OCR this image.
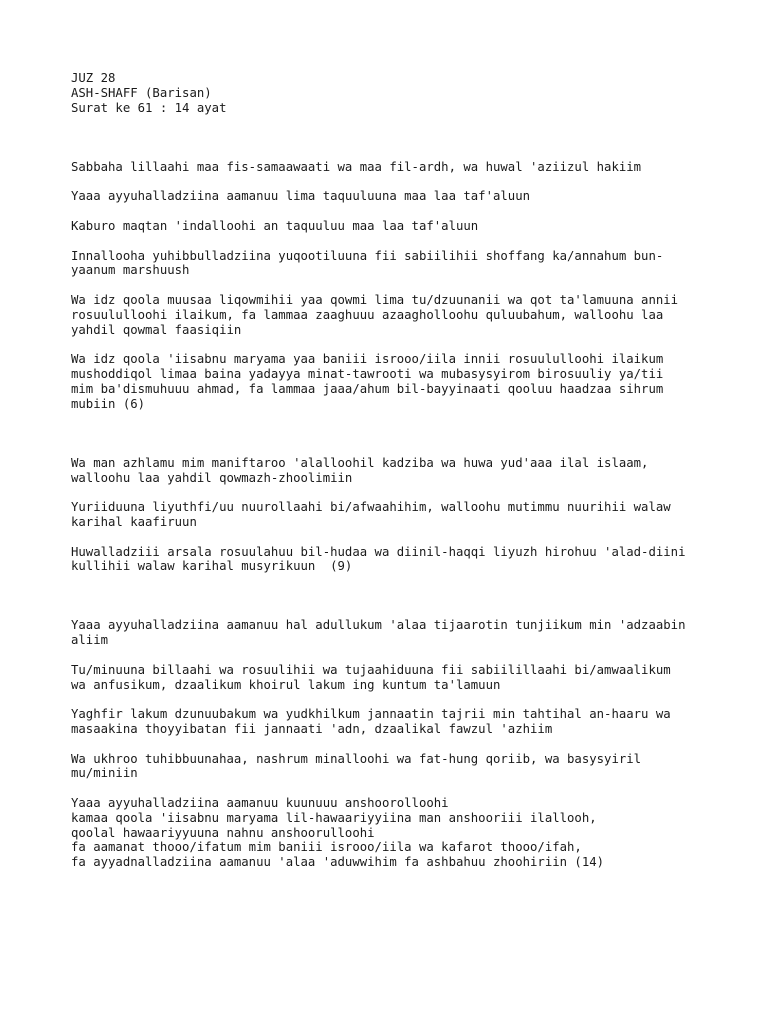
JUZ 28
ASH-SHAFF (Barisan)
Surat ke 61 : 14 ayat
Sabbaha lillaahi maa fis-samaawaati wa maa fil-ardh, wa huwal 'aziizul hakiim
Yaaa ayyuhalladziina aamanuu lima taquuluuna maa laa taf'aluun
Kaburo maqtan 'indalloohi an taquuluu maa laa taf'aluun
Innallooha yuhibbulladziina yuqootiluuna fii sabiilihii shoffang ka/annahum bun-
yaanum marshuush
Wa idz qoola muusaa liqowmihii yaa qowmi lima tu/dzuunanii wa qot ta'lamuuna annii
rosuulullоohi ilaikum, fa lammaa zaaghuuu azaagholloohu quluubahum, walloohu laa
yahdil qowmal faasiqiin
Wa idz qoola 'iisabnu maryama yaa baniii isrooo/iila innii rosuulullоohi ilaikum
mushoddiqol limaa baina yadayya minat-tawrooti wa mubasysyirom birosuuliy ya/tii
mim ba'dismuhuuu ahmad, fa lammaa jaaa/ahum bil-bayyinaati qooluu haadzaa sihrum
mubiin (6)
Wa man azhlamu mim maniftaroo 'alalloohil kadziba wa huwa yud'aaa ilal islaam,
walloohu laa yahdil qowmazh-zhoolimiin
Yuriiduuna liyuthfi/uu nuurollaahi bi/afwaahihim, walloohu mutimmu nuurihii walaw
karihal kaafiruun
Huwalladziii arsala rosuulahuu bil-hudaa wa diinil-haqqi liyuzh hirohuu 'alad-diini
kullihii walaw karihal musyrikuun  (9)
Yaaa ayyuhalladziina aamanuu hal adullukum 'alaa tijaarotin tunjiikum min 'adzaabin
aliim
Tu/minuuna billaahi wa rosuulihii wa tujaahiduuna fii sabiilillaahi bi/amwaalikum
wa anfusikum, dzaalikum khoirul lakum ing kuntum ta'lamuun
Yaghfir lakum dzunuubakum wa yudkhilkum jannaatin tajrii min tahtihal an-haaru wa
masaakina thoyyibatan fii jannaati 'adn, dzaalikal fawzul 'azhiim
Wa ukhroo tuhibbuunahaa, nashrum minalloohi wa fat-hung qoriib, wa basysyiril
mu/miniin
Yaaa ayyuhalladziina aamanuu kuunuuu anshoorolloohi
kamaa qoola 'iisabnu maryama lil-hawaariyyiina man anshooriii ilallooh,
qoolal hawaariyyuuna nahnu anshoorulloohi
fa aamanat thooo/ifatum mim baniii isrooo/iila wa kafarot thooo/ifah,
fa ayyadnalladziina aamanuu 'alaa 'aduwwihim fa ashbahuu zhoohiriin (14)
